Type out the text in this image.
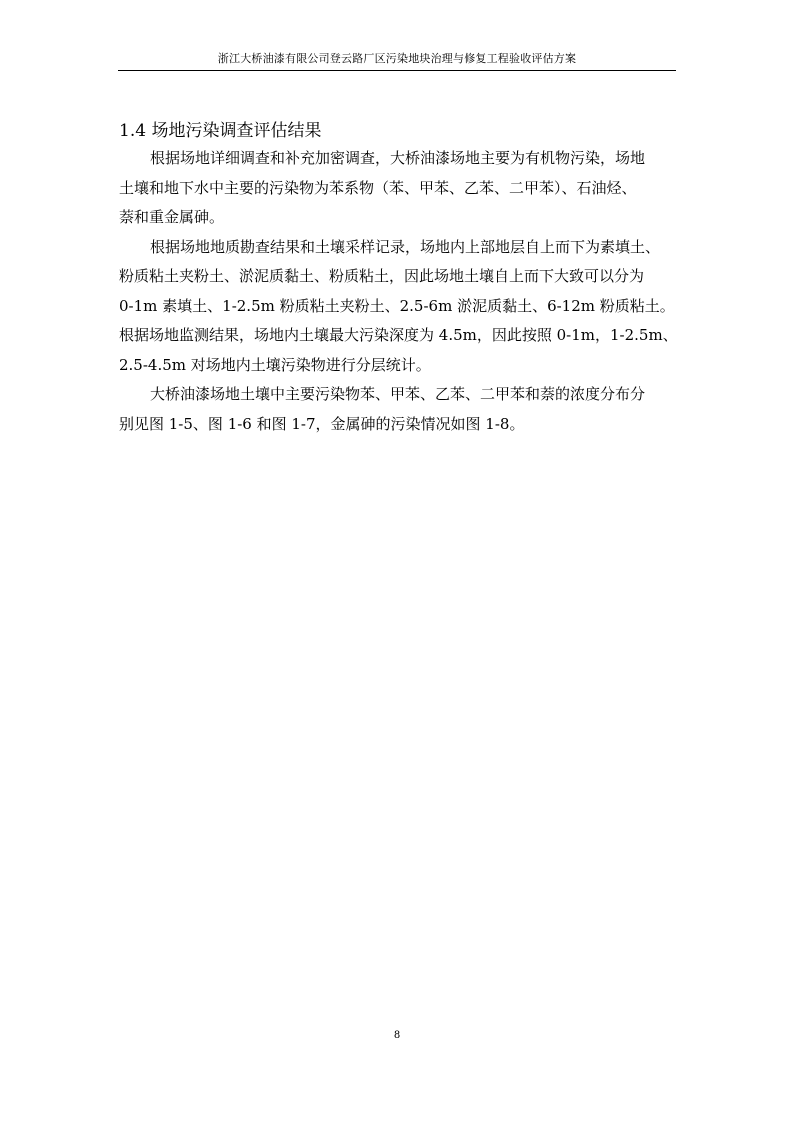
浙江大桥油漆有限公司登云路厂区污染地块治理与修复工程验收评估方案
1.4 场地污染调查评估结果
根据场地详细调查和补充加密调查，大桥油漆场地主要为有机物污染，场地
土壤和地下水中主要的污染物为苯系物（苯、甲苯、乙苯、二甲苯）、石油烃、
萘和重金属砷。
根据场地地质勘查结果和土壤采样记录，场地内上部地层自上而下为素填土、
粉质粘土夹粉土、淤泥质黏土、粉质粘土，因此场地土壤自上而下大致可以分为
0-1m 素填土、1-2.5m 粉质粘土夹粉土、2.5-6m 淤泥质黏土、6-12m 粉质粘土。
根据场地监测结果，场地内土壤最大污染深度为 4.5m，因此按照 0-1m，1-2.5m、
2.5-4.5m 对场地内土壤污染物进行分层统计。
大桥油漆场地土壤中主要污染物苯、甲苯、乙苯、二甲苯和萘的浓度分布分
别见图 1-5、图 1-6 和图 1-7，金属砷的污染情况如图 1-8。
8
